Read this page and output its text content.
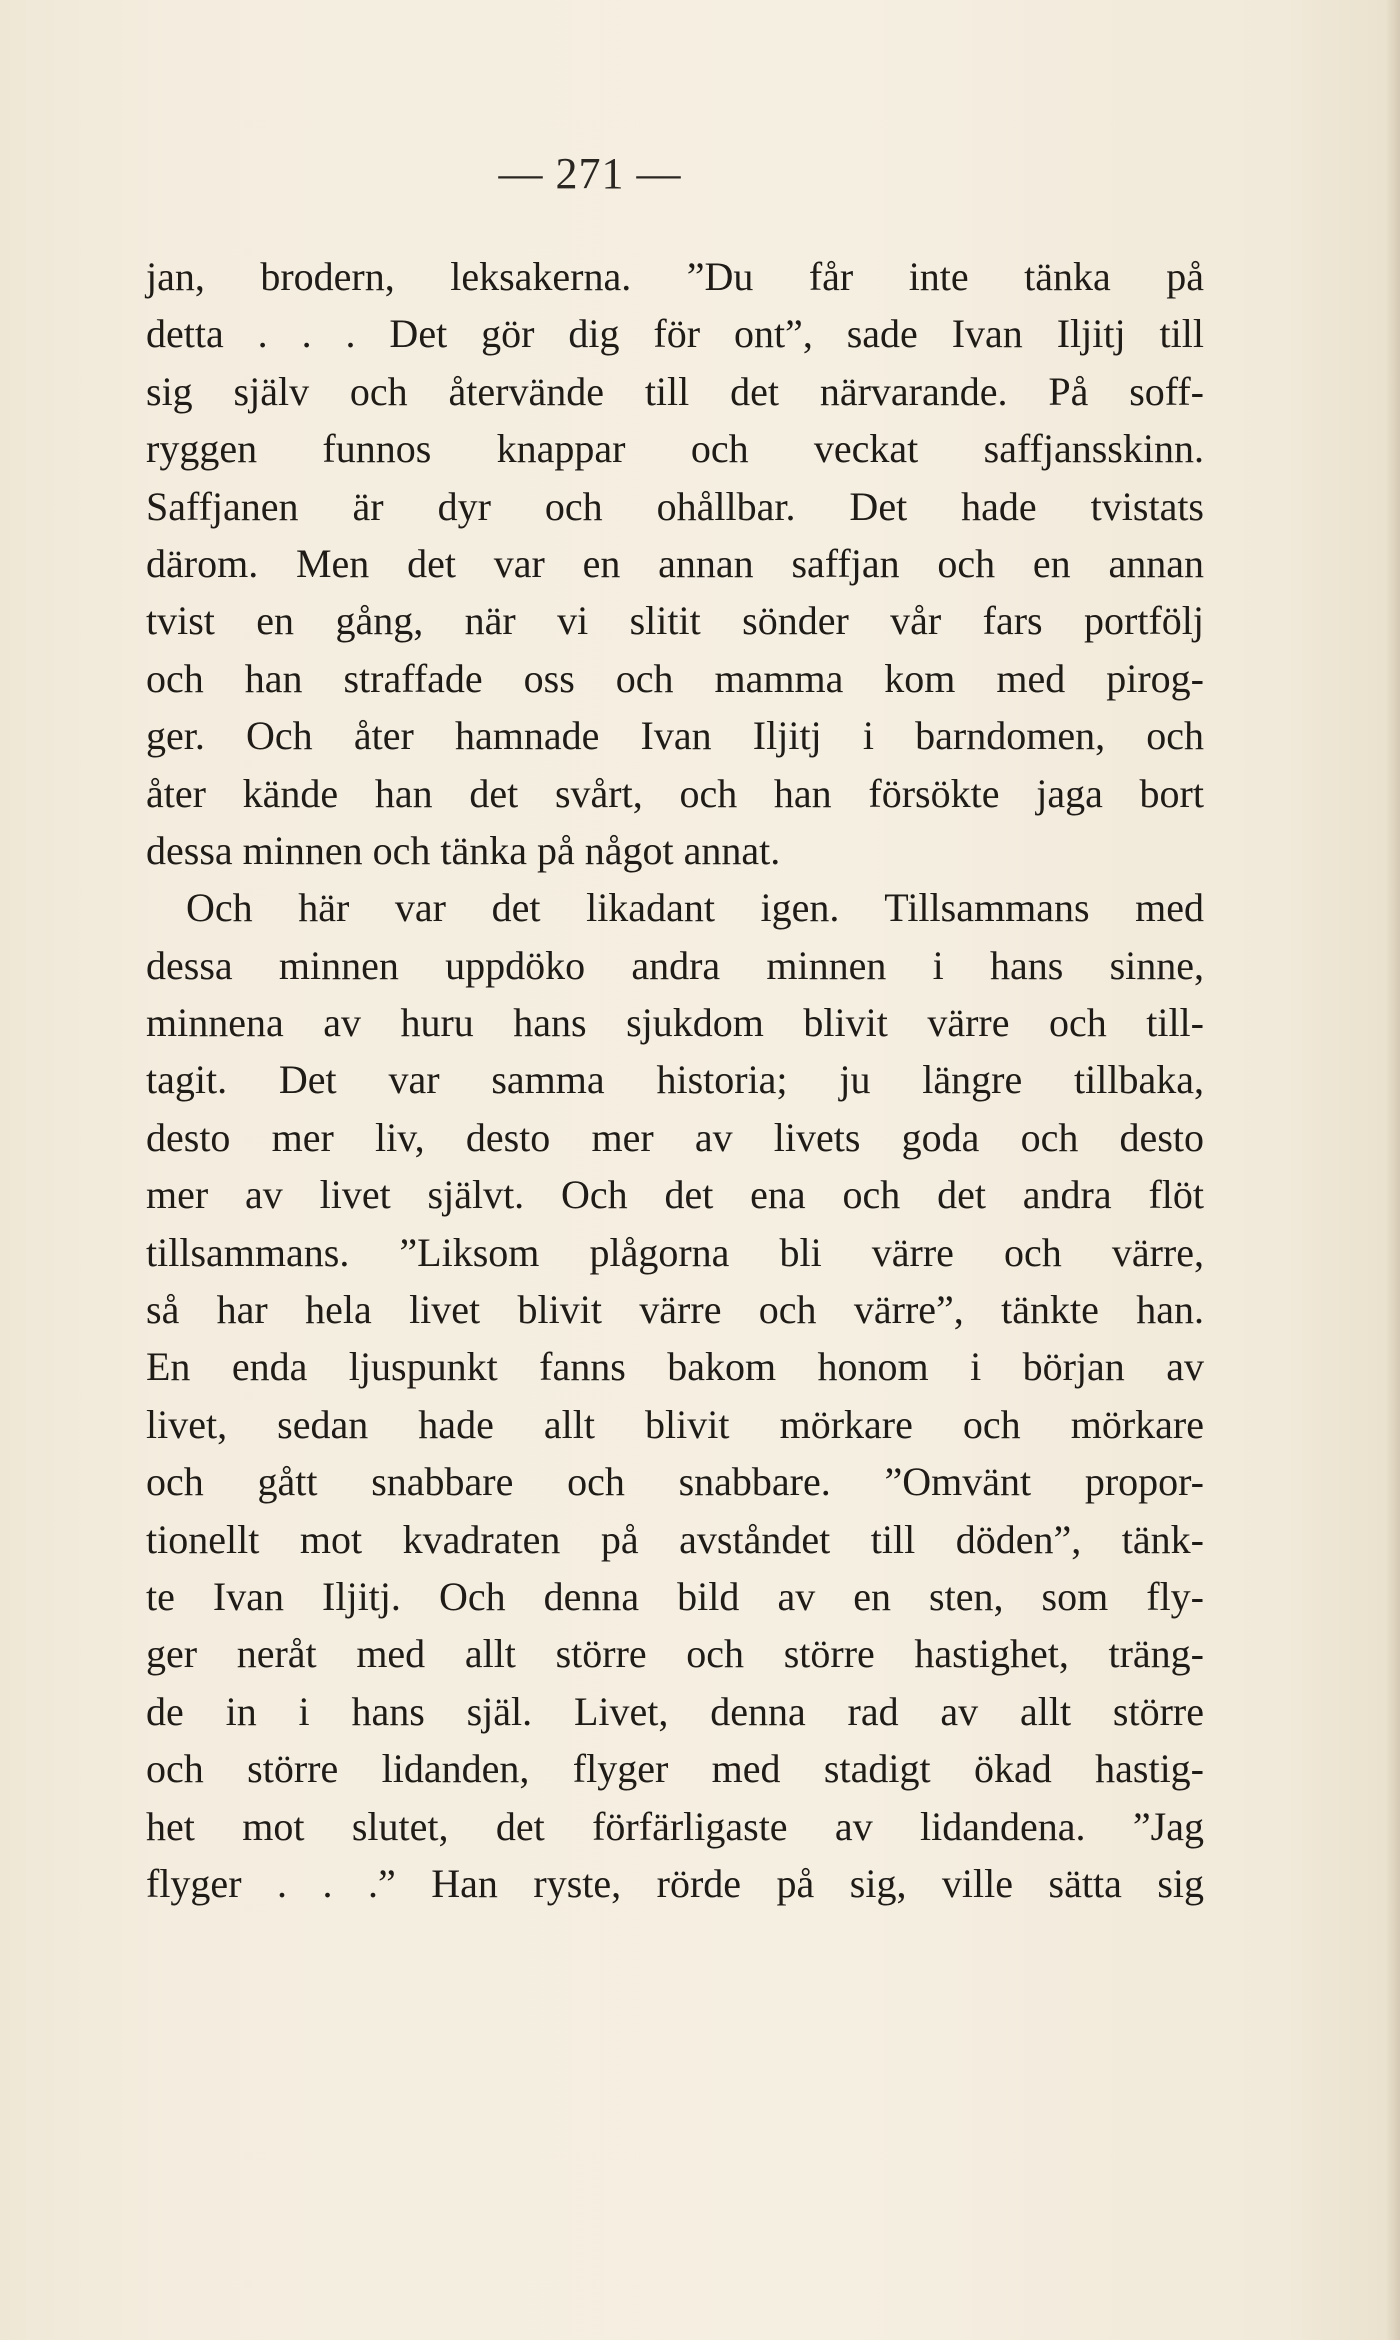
— 271 —
jan, brodern, leksakerna. ”Du får inte tänka på
detta . . . Det gör dig för ont”, sade Ivan Iljitj till
sig själv och återvände till det närvarande. På soff-
ryggen funnos knappar och veckat saffjansskinn.
Saffjanen är dyr och ohållbar. Det hade tvistats
därom. Men det var en annan saffjan och en annan
tvist en gång, när vi slitit sönder vår fars portfölj
och han straffade oss och mamma kom med pirog-
ger. Och åter hamnade Ivan Iljitj i barndomen, och
åter kände han det svårt, och han försökte jaga bort
dessa minnen och tänka på något annat.
Och här var det likadant igen. Tillsammans med
dessa minnen uppdöko andra minnen i hans sinne,
minnena av huru hans sjukdom blivit värre och till-
tagit. Det var samma historia; ju längre tillbaka,
desto mer liv, desto mer av livets goda och desto
mer av livet självt. Och det ena och det andra flöt
tillsammans. ”Liksom plågorna bli värre och värre,
så har hela livet blivit värre och värre”, tänkte han.
En enda ljuspunkt fanns bakom honom i början av
livet, sedan hade allt blivit mörkare och mörkare
och gått snabbare och snabbare. ”Omvänt propor-
tionellt mot kvadraten på avståndet till döden”, tänk-
te Ivan Iljitj. Och denna bild av en sten, som fly-
ger neråt med allt större och större hastighet, träng-
de in i hans själ. Livet, denna rad av allt större
och större lidanden, flyger med stadigt ökad hastig-
het mot slutet, det förfärligaste av lidandena. ”Jag
flyger . . .” Han ryste, rörde på sig, ville sätta sig
